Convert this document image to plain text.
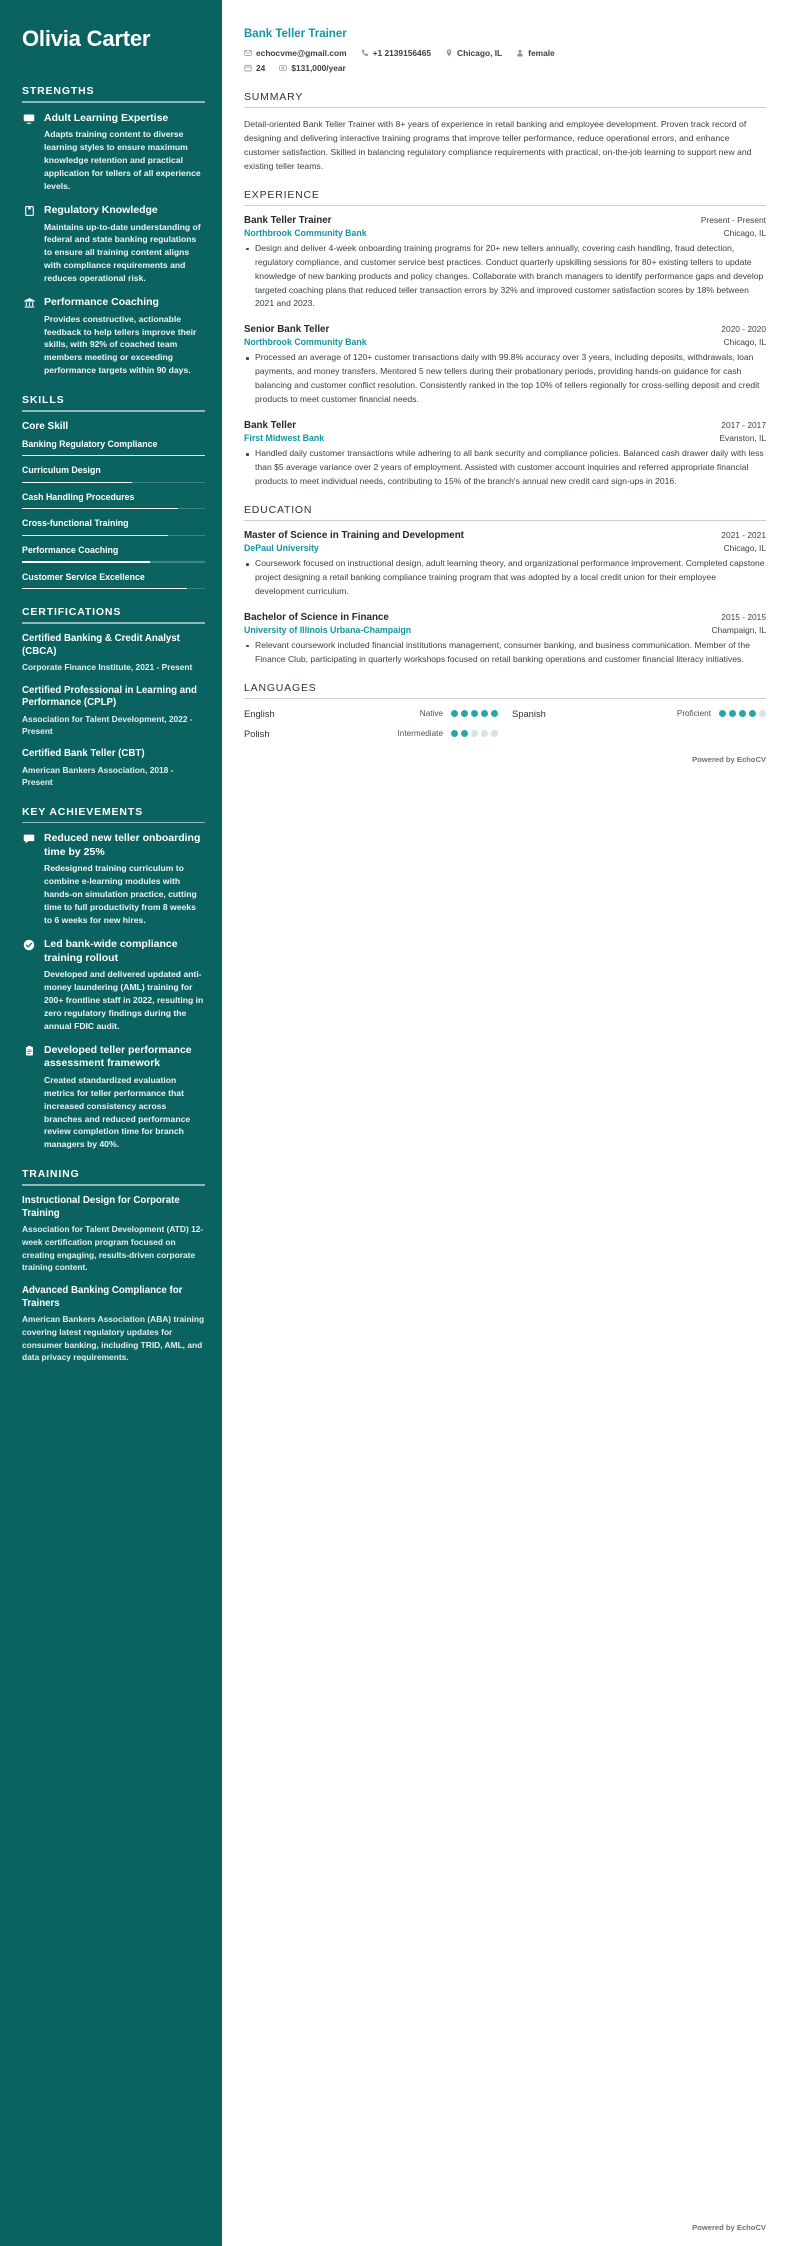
Olivia Carter
STRENGTHS
Adult Learning Expertise
Adapts training content to diverse learning styles to ensure maximum knowledge retention and practical application for tellers of all experience levels.
Regulatory Knowledge
Maintains up-to-date understanding of federal and state banking regulations to ensure all training content aligns with compliance requirements and reduces operational risk.
Performance Coaching
Provides constructive, actionable feedback to help tellers improve their skills, with 92% of coached team members meeting or exceeding performance targets within 90 days.
SKILLS
Core Skill
Banking Regulatory Compliance
Curriculum Design
Cash Handling Procedures
Cross-functional Training
Performance Coaching
Customer Service Excellence
CERTIFICATIONS
Certified Banking & Credit Analyst (CBCA)
Corporate Finance Institute, 2021 - Present
Certified Professional in Learning and Performance (CPLP)
Association for Talent Development, 2022 - Present
Certified Bank Teller (CBT)
American Bankers Association, 2018 - Present
KEY ACHIEVEMENTS
Reduced new teller onboarding time by 25%
Redesigned training curriculum to combine e-learning modules with hands-on simulation practice, cutting time to full productivity from 8 weeks to 6 weeks for new hires.
Led bank-wide compliance training rollout
Developed and delivered updated anti-money laundering (AML) training for 200+ frontline staff in 2022, resulting in zero regulatory findings during the annual FDIC audit.
Developed teller performance assessment framework
Created standardized evaluation metrics for teller performance that increased consistency across branches and reduced performance review completion time for branch managers by 40%.
TRAINING
Instructional Design for Corporate Training
Association for Talent Development (ATD) 12-week certification program focused on creating engaging, results-driven corporate training content.
Advanced Banking Compliance for Trainers
American Bankers Association (ABA) training covering latest regulatory updates for consumer banking, including TRID, AML, and data privacy requirements.
Bank Teller Trainer
echocvme@gmail.com	+1 2139156465	Chicago, IL	female
24	$131,000/year
SUMMARY

Detail-oriented Bank Teller Trainer with 8+ years of experience in retail banking and employee development. Proven track record of designing and delivering interactive training programs that improve teller performance, reduce operational errors, and enhance customer satisfaction. Skilled in balancing regulatory compliance requirements with practical, on-the-job learning to support new and existing teller teams.

EXPERIENCE
Bank Teller Trainer	Present - Present
Northbrook Community Bank	Chicago, IL
Design and deliver 4-week onboarding training programs for 20+ new tellers annually, covering cash handling, fraud detection, regulatory compliance, and customer service best practices. Conduct quarterly upskilling sessions for 80+ existing tellers to update knowledge of new banking products and policy changes. Collaborate with branch managers to identify performance gaps and develop targeted coaching plans that reduced teller transaction errors by 32% and improved customer satisfaction scores by 18% between 2021 and 2023.
Senior Bank Teller	2020 - 2020
Northbrook Community Bank	Chicago, IL
Processed an average of 120+ customer transactions daily with 99.8% accuracy over 3 years, including deposits, withdrawals, loan payments, and money transfers. Mentored 5 new tellers during their probationary periods, providing hands-on guidance for cash balancing and customer conflict resolution. Consistently ranked in the top 10% of tellers regionally for cross-selling deposit and credit products to meet customer financial needs.
Bank Teller	2017 - 2017
First Midwest Bank	Evanston, IL
Handled daily customer transactions while adhering to all bank security and compliance policies. Balanced cash drawer daily with less than $5 average variance over 2 years of employment. Assisted with customer account inquiries and referred appropriate financial products to meet individual needs, contributing to 15% of the branch's annual new credit card sign-ups in 2016.
EDUCATION
Master of Science in Training and Development	2021 - 2021
DePaul University	Chicago, IL
Coursework focused on instructional design, adult learning theory, and organizational performance improvement. Completed capstone project designing a retail banking compliance training program that was adopted by a local credit union for their employee development curriculum.
Bachelor of Science in Finance	2015 - 2015
University of Illinois Urbana-Champaign	Champaign, IL
Relevant coursework included financial institutions management, consumer banking, and business communication. Member of the Finance Club, participating in quarterly workshops focused on retail banking operations and customer financial literacy initiatives.
LANGUAGES
English	Native	Spanish	Proficient
Polish	Intermediate
Powered by EchoCV
Powered by EchoCV
